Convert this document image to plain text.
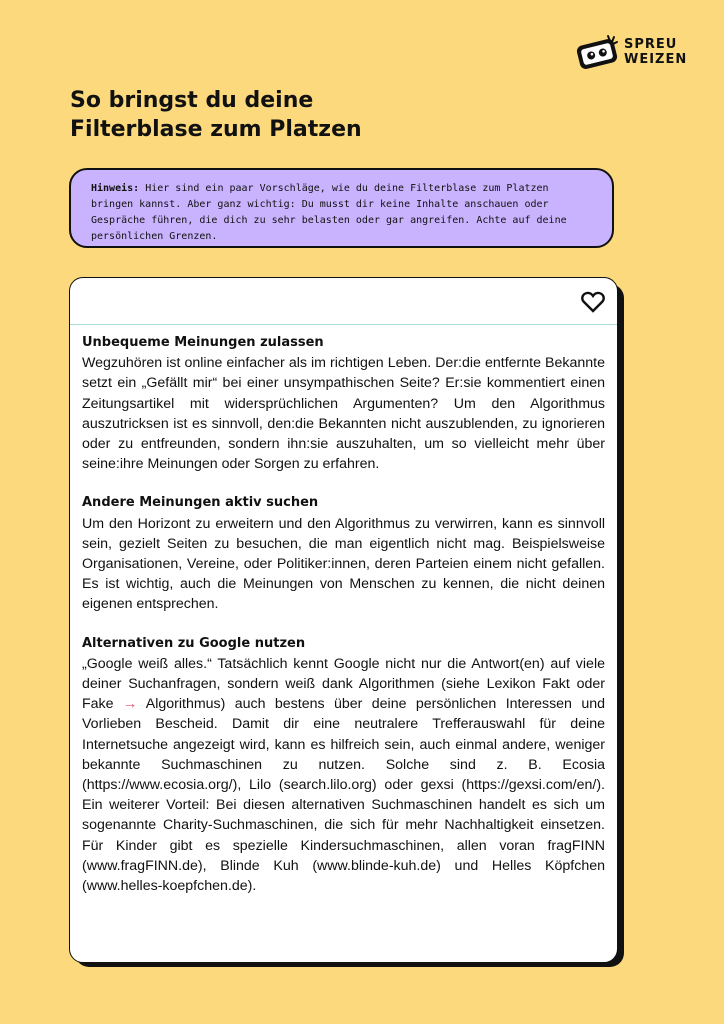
SPREU
WEIZEN
So bringst du deine
Filterblase zum Platzen
Hinweis: Hier sind ein paar Vorschläge, wie du deine Filterblase zum Platzen bringen kannst. Aber ganz wichtig: Du musst dir keine Inhalte anschauen oder Gespräche führen, die dich zu sehr belasten oder gar angreifen. Achte auf deine persönlichen Grenzen.
Unbequeme Meinungen zulassen

Wegzuhören ist online einfacher als im richtigen Leben. Der:die entfernte Bekannte setzt ein „Gefällt mir“ bei einer unsympathischen Seite? Er:sie kommentiert einen Zeitungsartikel mit widersprüchlichen Argumenten? Um den Algorithmus auszutricksen ist es sinnvoll, den:die Bekannten nicht auszublenden, zu ignorieren oder zu entfreunden, sondern ihn:sie auszuhalten, um so vielleicht mehr über seine:ihre Meinungen oder Sorgen zu erfahren.

Andere Meinungen aktiv suchen

Um den Horizont zu erweitern und den Algorithmus zu verwirren, kann es sinnvoll sein, gezielt Seiten zu besuchen, die man eigentlich nicht mag. Beispielsweise Organisationen, Vereine, oder Politiker:innen, deren Parteien einem nicht gefallen. Es ist wichtig, auch die Meinungen von Menschen zu kennen, die nicht deinen eigenen entsprechen.

Alternativen zu Google nutzen

„Google weiß alles.“ Tatsächlich kennt Google nicht nur die Antwort(en) auf viele deiner Suchanfragen, sondern weiß dank Algorithmen (siehe Lexikon Fakt oder Fake → Algorithmus) auch bestens über deine persönlichen Interessen und Vorlieben Bescheid. Damit dir eine neutralere Trefferauswahl für deine Internetsuche angezeigt wird, kann es hilfreich sein, auch einmal andere, weniger bekannte Suchmaschinen zu nutzen. Solche sind z. B. Ecosia (https://www.ecosia.org/), Lilo (search.lilo.org) oder gexsi (https://gexsi.com/en/). Ein weiterer Vorteil: Bei diesen alternativen Suchmaschinen handelt es sich um sogenannte Charity-Suchmaschinen, die sich für mehr Nachhaltigkeit einsetzen. Für Kinder gibt es spezielle Kindersuchmaschinen, allen voran fragFINN (www.fragFINN.de), Blinde Kuh (www.blinde-kuh.de) und Helles Köpfchen (www.helles-koepfchen.de).
